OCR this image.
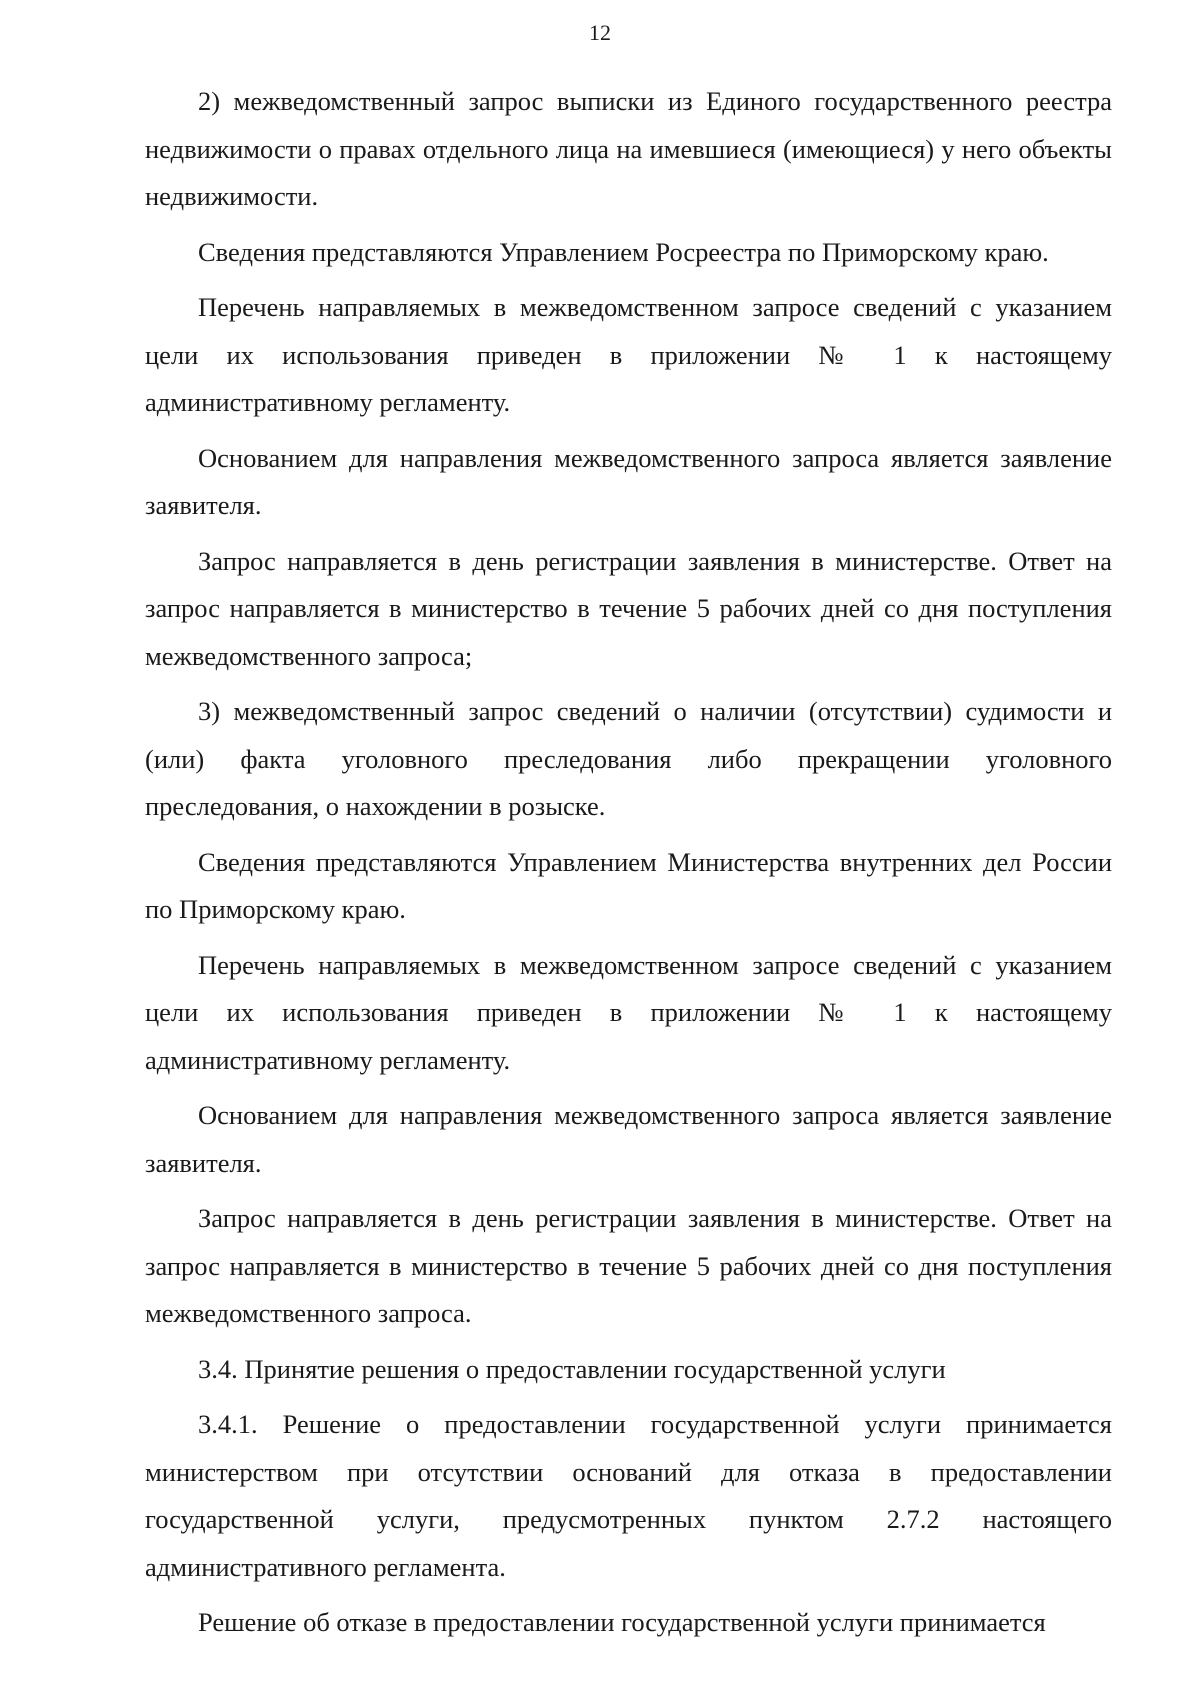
12

2) межведомственный запрос выписки из Единого государственного реестра недвижимости о правах отдельного лица на имевшиеся (имеющиеся) у него объекты недвижимости.

Сведения представляются Управлением Росреестра по Приморскому краю.

Перечень направляемых в межведомственном запросе сведений с указанием цели их использования приведен в приложении № 1 к настоящему административному регламенту.

Основанием для направления межведомственного запроса является заявление заявителя.

Запрос направляется в день регистрации заявления в министерстве. Ответ на запрос направляется в министерство в течение 5 рабочих дней со дня поступления межведомственного запроса;

3) межведомственный запрос сведений о наличии (отсутствии) судимости и (или) факта уголовного преследования либо прекращении уголовного преследования, о нахождении в розыске.

Сведения представляются Управлением Министерства внутренних дел России по Приморскому краю.

Перечень направляемых в межведомственном запросе сведений с указанием цели их использования приведен в приложении № 1 к настоящему административному регламенту.

Основанием для направления межведомственного запроса является заявление заявителя.

Запрос направляется в день регистрации заявления в министерстве. Ответ на запрос направляется в министерство в течение 5 рабочих дней со дня поступления межведомственного запроса.

3.4. Принятие решения о предоставлении государственной услуги

3.4.1. Решение о предоставлении государственной услуги принимается министерством при отсутствии оснований для отказа в предоставлении государственной услуги, предусмотренных пунктом 2.7.2 настоящего административного регламента.

Решение об отказе в предоставлении государственной услуги принимается
